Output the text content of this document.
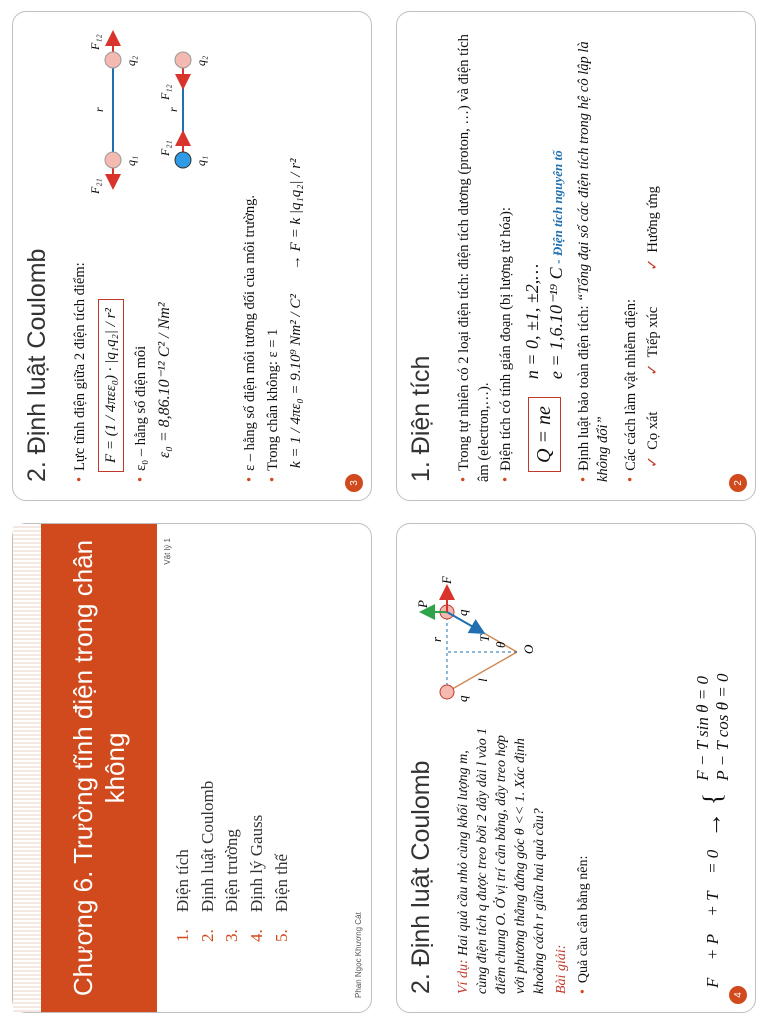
Chương 6. Trường tĩnh điện trong chân không
1.Điện tích
2.Định luật Coulomb
3.Điện trường
4.Định lý Gauss
5.Điện thế
Phan Ngọc Khương Cát
Vật lý 1
1. Điện tích • Trong tự nhiên có 2 loại điện tích: điện tích dương (proton, …) và điện tích âm (electron,…). • Điện tích có tính gián đoạn (bị lượng tử hóa): Q = ne
n = 0, ±1, ±2,… e = 1,6.10⁻¹⁹ C - Điện tích nguyên tố

• Định luật bảo toàn điện tích: “Tổng đại số các điện tích trong hệ cô lập là không đổi” • Các cách làm vật nhiễm điện: ✓Cọ xát
✓Tiếp xúc
✓Hưởng ứng
2
2. Định luật Coulomb • Lực tĩnh điện giữa 2 điện tích điểm: F = (1 / 4πεε₀) · |q₁q₂| / r² • ε₀ – hằng số điện môi ε₀ = 8,86.10⁻¹² C² / Nm²	• ε – hằng số điện môi tương đối của môi trường. • Trong chân không: ε = 1 k = 1 / 4πε₀ = 9.10⁹ Nm² / C²
→ F = k |q₁q₂| / r²
F₂₁
F₁₂
r
q₁
q₂
F₂₁
F₁₂
r
q₁
q₂
3
2. Định luật Coulomb Ví dụ: Hai quả cầu nhỏ cùng khối lượng m, cùng điện tích q được treo bởi 2 dây dài l vào 1 điểm chung O. Ở vị trí cân bằng, dây treo hợp với phương thẳng đứng góc θ << 1. Xác định khoảng cách r giữa hai quả cầu? Bài giải: • Quả cầu cân bằng nên:	F⃗ + P⃗ + T⃗ = 0
→ {
F − T sin θ = 0 P − T cos θ = 0
O
θ
l
q
q
r	T⃗
P⃗
F⃗
4
